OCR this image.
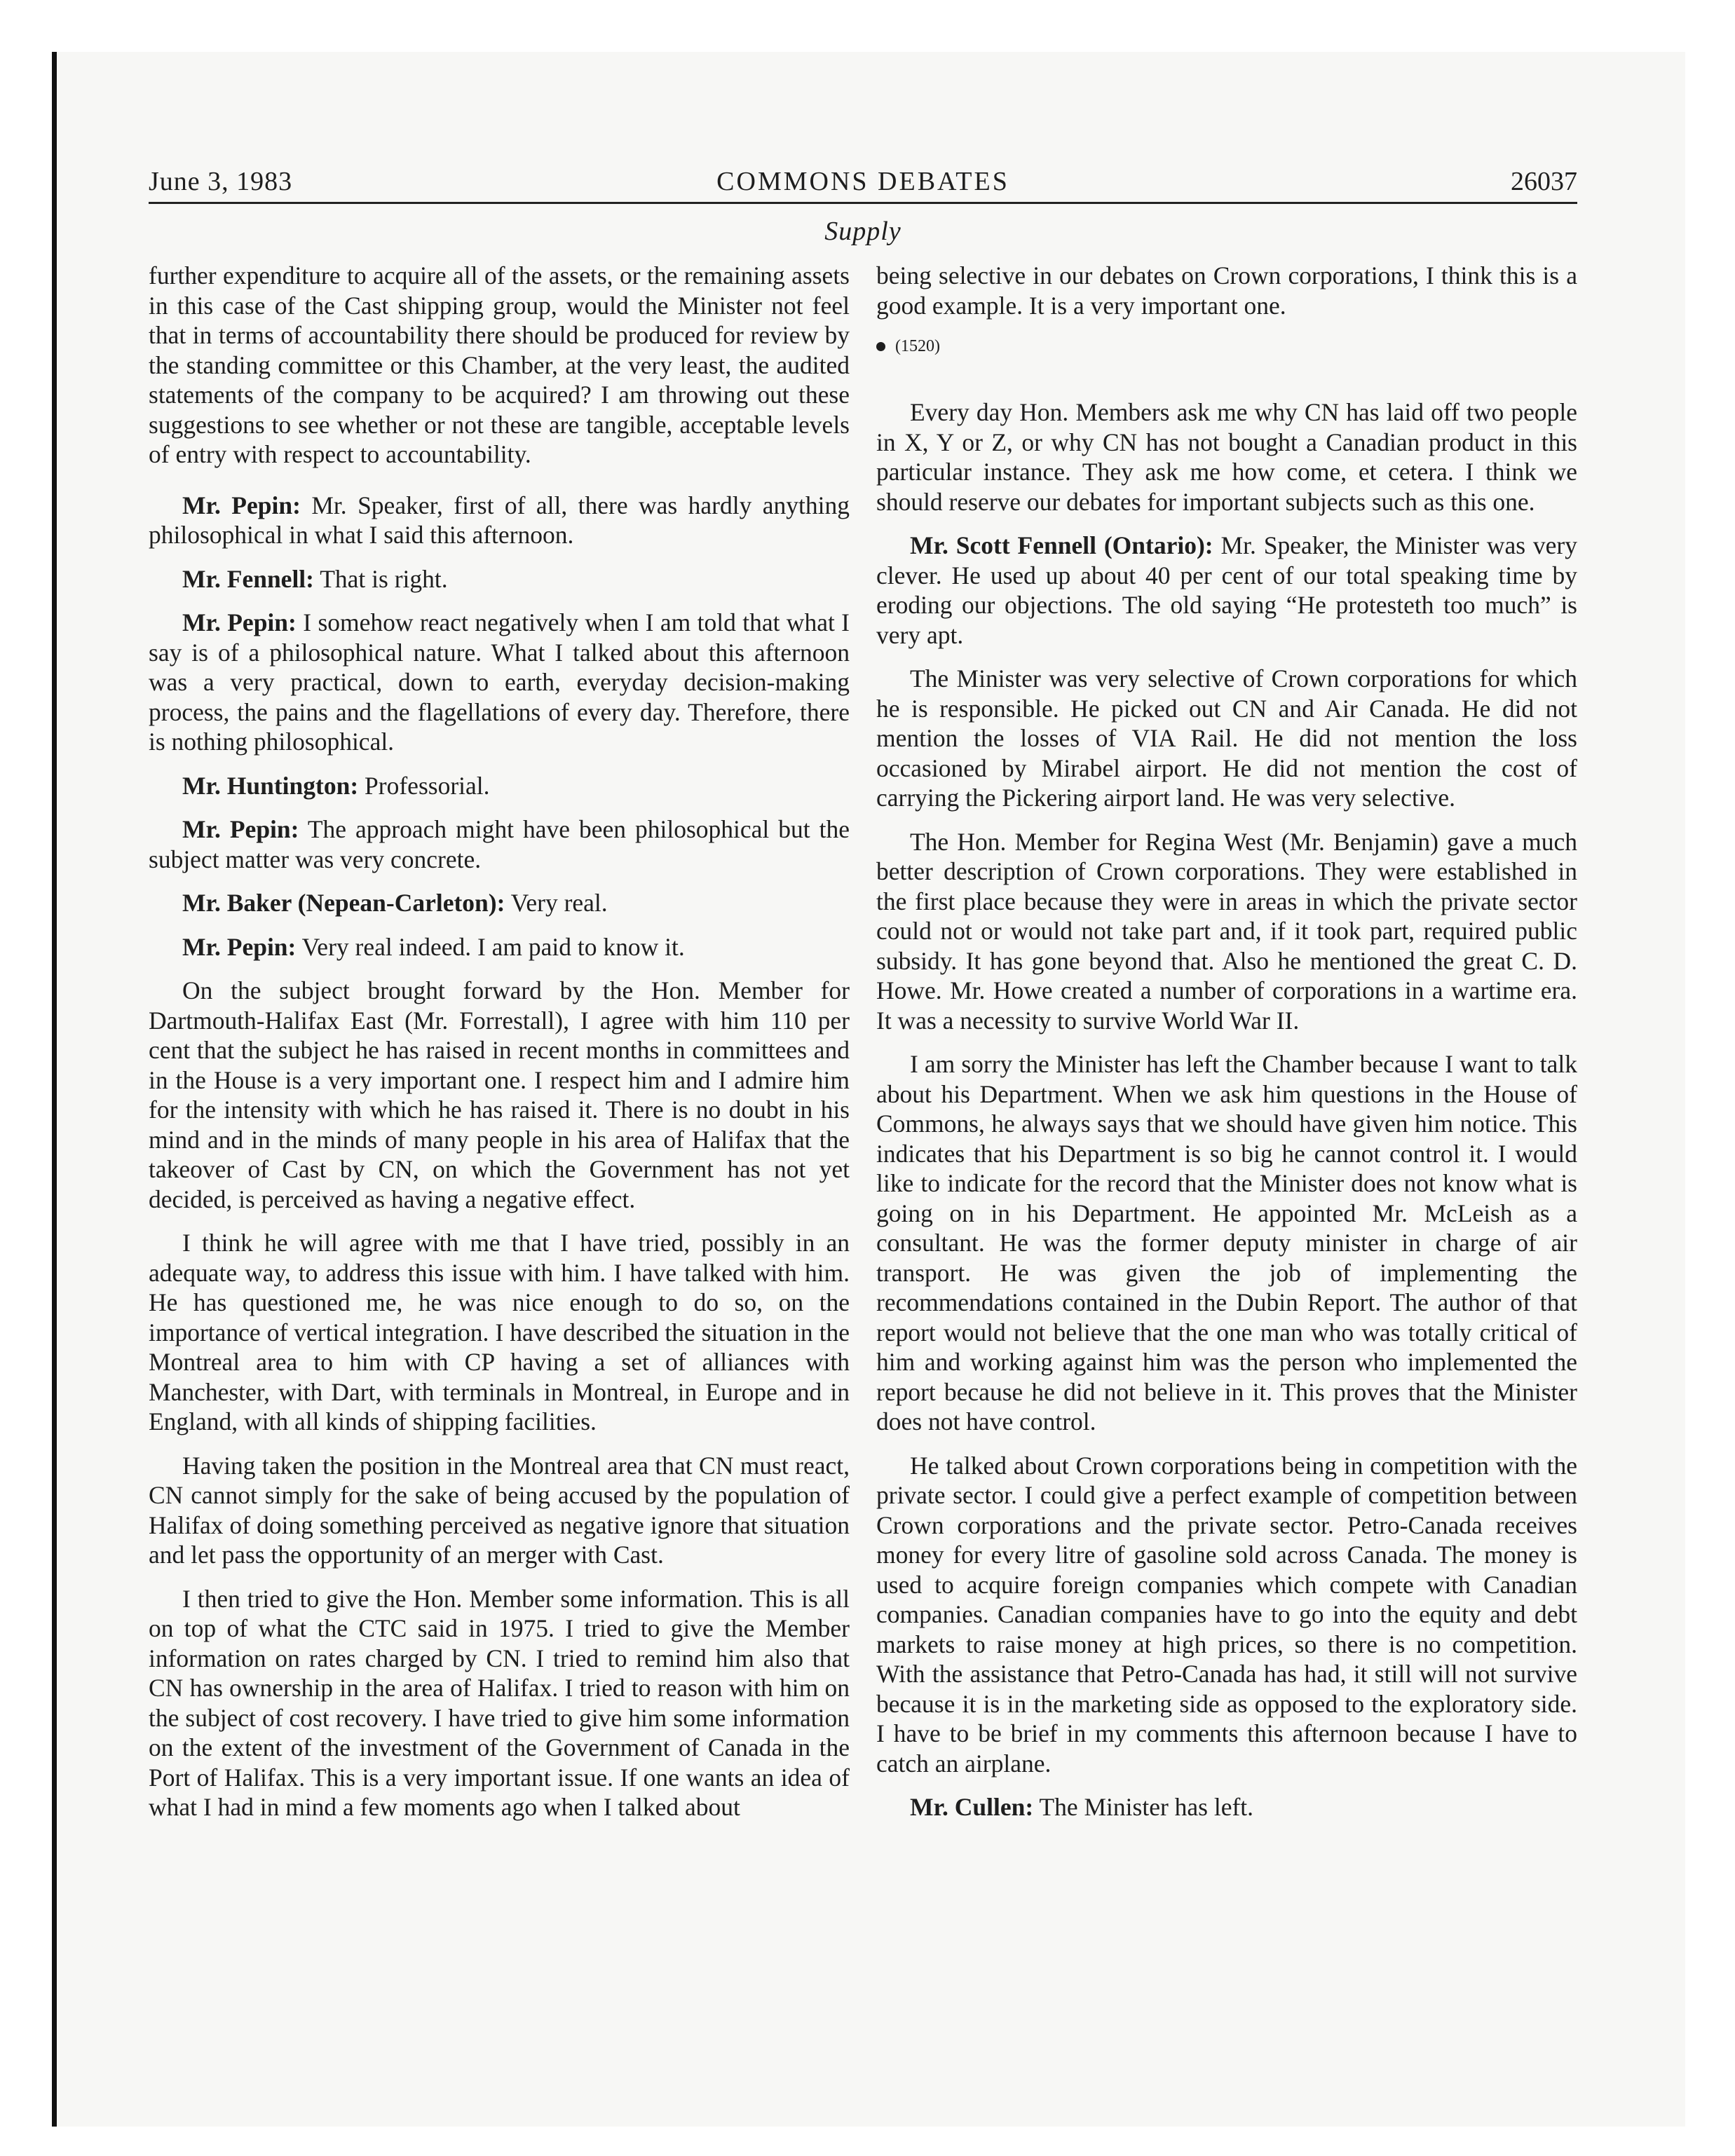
June 3, 1983	COMMONS DEBATES	26037
Supply

further expenditure to acquire all of the assets, or the remaining assets in this case of the Cast shipping group, would the Minister not feel that in terms of accountability there should be produced for review by the standing committee or this Chamber, at the very least, the audited statements of the company to be acquired? I am throwing out these suggestions to see whether or not these are tangible, acceptable levels of entry with respect to accountability.

Mr. Pepin: Mr. Speaker, first of all, there was hardly anything philosophical in what I said this afternoon.

Mr. Fennell: That is right.

Mr. Pepin: I somehow react negatively when I am told that what I say is of a philosophical nature. What I talked about this afternoon was a very practical, down to earth, everyday decision-making process, the pains and the flagellations of every day. Therefore, there is nothing philosophical.

Mr. Huntington: Professorial.

Mr. Pepin: The approach might have been philosophical but the subject matter was very concrete.

Mr. Baker (Nepean-Carleton): Very real.

Mr. Pepin: Very real indeed. I am paid to know it.

On the subject brought forward by the Hon. Member for Dartmouth-Halifax East (Mr. Forrestall), I agree with him 110 per cent that the subject he has raised in recent months in committees and in the House is a very important one. I respect him and I admire him for the intensity with which he has raised it. There is no doubt in his mind and in the minds of many people in his area of Halifax that the takeover of Cast by CN, on which the Government has not yet decided, is perceived as having a negative effect.

I think he will agree with me that I have tried, possibly in an adequate way, to address this issue with him. I have talked with him. He has questioned me, he was nice enough to do so, on the importance of vertical integration. I have described the situation in the Montreal area to him with CP having a set of alliances with Manchester, with Dart, with terminals in Montreal, in Europe and in England, with all kinds of shipping facilities.

Having taken the position in the Montreal area that CN must react, CN cannot simply for the sake of being accused by the population of Halifax of doing something perceived as negative ignore that situation and let pass the opportunity of an merger with Cast.

I then tried to give the Hon. Member some information. This is all on top of what the CTC said in 1975. I tried to give the Member information on rates charged by CN. I tried to remind him also that CN has ownership in the area of Halifax. I tried to reason with him on the subject of cost recovery. I have tried to give him some information on the extent of the investment of the Government of Canada in the Port of Halifax. This is a very important issue. If one wants an idea of what I had in mind a few moments ago when I talked about

being selective in our debates on Crown corporations, I think this is a good example. It is a very important one.

(1520)

Every day Hon. Members ask me why CN has laid off two people in X, Y or Z, or why CN has not bought a Canadian product in this particular instance. They ask me how come, et cetera. I think we should reserve our debates for important subjects such as this one.

Mr. Scott Fennell (Ontario): Mr. Speaker, the Minister was very clever. He used up about 40 per cent of our total speaking time by eroding our objections. The old saying “He protesteth too much” is very apt.

The Minister was very selective of Crown corporations for which he is responsible. He picked out CN and Air Canada. He did not mention the losses of VIA Rail. He did not mention the loss occasioned by Mirabel airport. He did not mention the cost of carrying the Pickering airport land. He was very selective.

The Hon. Member for Regina West (Mr. Benjamin) gave a much better description of Crown corporations. They were established in the first place because they were in areas in which the private sector could not or would not take part and, if it took part, required public subsidy. It has gone beyond that. Also he mentioned the great C. D. Howe. Mr. Howe created a number of corporations in a wartime era. It was a necessity to survive World War II.

I am sorry the Minister has left the Chamber because I want to talk about his Department. When we ask him questions in the House of Commons, he always says that we should have given him notice. This indicates that his Department is so big he cannot control it. I would like to indicate for the record that the Minister does not know what is going on in his Department. He appointed Mr. McLeish as a consultant. He was the former deputy minister in charge of air transport. He was given the job of implementing the recommendations contained in the Dubin Report. The author of that report would not believe that the one man who was totally critical of him and working against him was the person who implemented the report because he did not believe in it. This proves that the Minister does not have control.

He talked about Crown corporations being in competition with the private sector. I could give a perfect example of competition between Crown corporations and the private sector. Petro-Canada receives money for every litre of gasoline sold across Canada. The money is used to acquire foreign companies which compete with Canadian companies. Canadian companies have to go into the equity and debt markets to raise money at high prices, so there is no competition. With the assistance that Petro-Canada has had, it still will not survive because it is in the marketing side as opposed to the exploratory side. I have to be brief in my comments this afternoon because I have to catch an airplane.

Mr. Cullen: The Minister has left.
